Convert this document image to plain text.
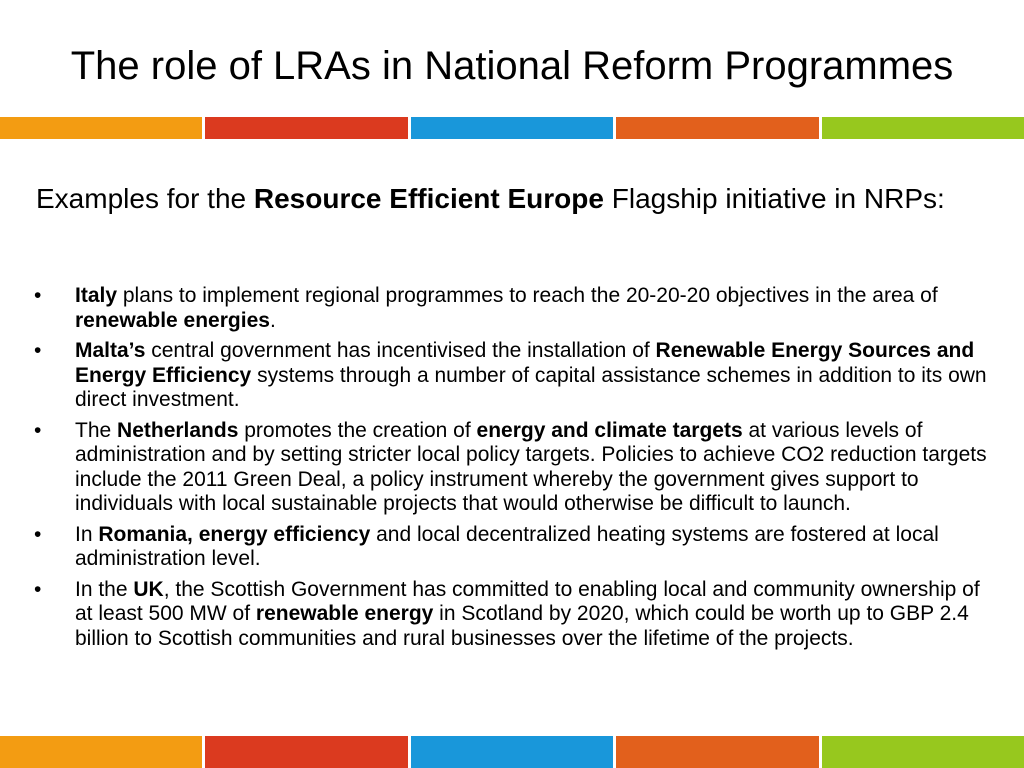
The role of LRAs in National Reform Programmes
Examples for the Resource Efficient Europe Flagship initiative in NRPs:
• Italy plans to implement regional programmes to reach the 20-20-20 objectives in the area of renewable energies.
• Malta’s central government has incentivised the installation of Renewable Energy Sources and Energy Efficiency systems through a number of capital assistance schemes in addition to its own direct investment.
• The Netherlands promotes the creation of energy and climate targets at various levels of administration and by setting stricter local policy targets. Policies to achieve CO2 reduction targets include the 2011 Green Deal, a policy instrument whereby the government gives support to individuals with local sustainable projects that would otherwise be difficult to launch.
• In Romania, energy efficiency and local decentralized heating systems are fostered at local administration level.
• In the UK, the Scottish Government has committed to enabling local and community ownership of at least 500 MW of renewable energy in Scotland by 2020, which could be worth up to GBP 2.4 billion to Scottish communities and rural businesses over the lifetime of the projects.
